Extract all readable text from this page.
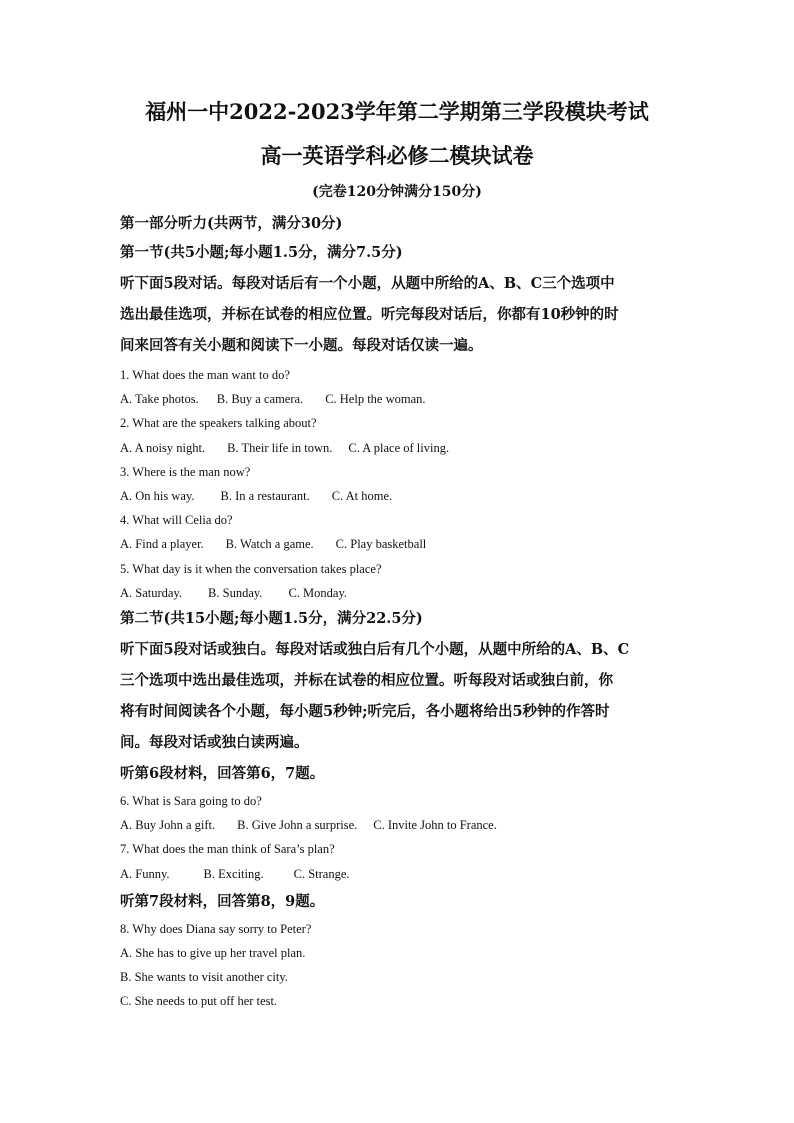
福州一中2022-2023学年第二学期第三学段模块考试
高一英语学科必修二模块试卷
(完卷120分钟满分150分)

第一部分听力(共两节，满分30分)

第一节(共5小题;每小题1.5分，满分7.5分)

听下面5段对话。每段对话后有一个小题，从题中所给的A、B、C三个选项中

选出最佳选项，并标在试卷的相应位置。听完每段对话后，你都有10秒钟的时

间来回答有关小题和阅读下一小题。每段对话仅读一遍。

1. What does the man want to do?

A. Take photos. B. Buy a camera. C. Help the woman.

2. What are the speakers talking about?

A. A noisy night. B. Their life in town. C. A place of living.

3. Where is the man now?

A. On his way. B. In a restaurant. C. At home.

4. What will Celia do?

A. Find a player. B. Watch a game. C. Play basketball

5. What day is it when the conversation takes place?

A. Saturday. B. Sunday. C. Monday.

第二节(共15小题;每小题1.5分，满分22.5分)

听下面5段对话或独白。每段对话或独白后有几个小题，从题中所给的A、B、C

三个选项中选出最佳选项，并标在试卷的相应位置。听每段对话或独白前，你

将有时间阅读各个小题，每小题5秒钟;听完后，各小题将给出5秒钟的作答时

间。每段对话或独白读两遍。

听第6段材料，回答第6，7题。

6. What is Sara going to do?

A. Buy John a gift. B. Give John a surprise. C. Invite John to France.

7. What does the man think of Sara’s plan?

A. Funny.	B. Exciting. C. Strange.

听第7段材料，回答第8，9题。

8. Why does Diana say sorry to Peter?

A. She has to give up her travel plan.

B. She wants to visit another city.

C. She needs to put off her test.
